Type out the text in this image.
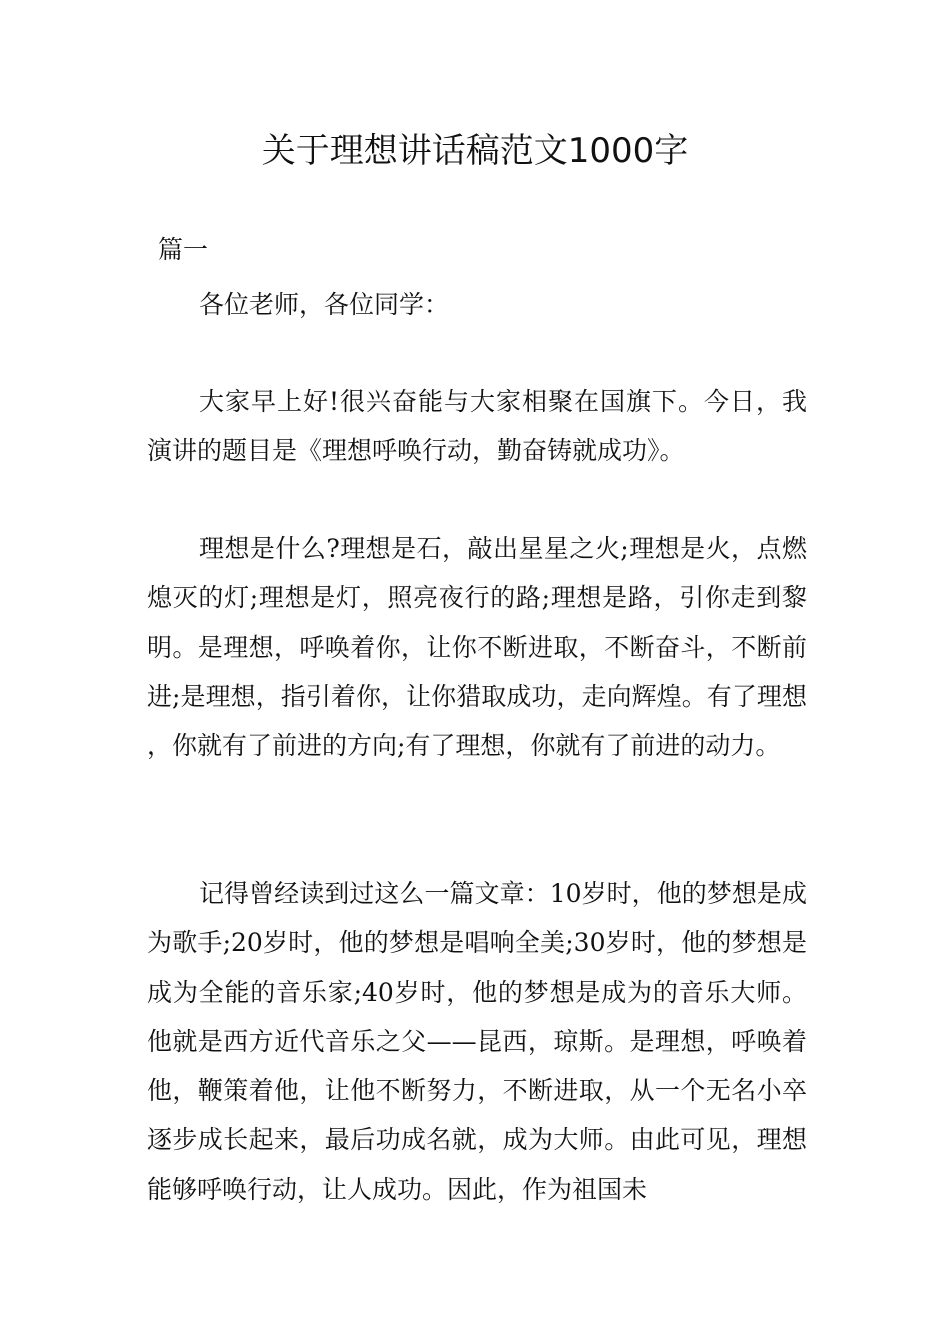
关于理想讲话稿范文1000字
篇一

各位老师，各位同学：

大家早上好!很兴奋能与大家相聚在国旗下。今日，我演讲的题目是《理想呼唤行动，勤奋铸就成功》。

理想是什么?理想是石，敲出星星之火;理想是火，点燃熄灭的灯;理想是灯，照亮夜行的路;理想是路，引你走到黎明。是理想，呼唤着你，让你不断进取，不断奋斗，不断前进;是理想，指引着你，让你猎取成功，走向辉煌。有了理想，你就有了前进的方向;有了理想，你就有了前进的动力。

记得曾经读到过这么一篇文章：10岁时，他的梦想是成为歌手;20岁时，他的梦想是唱响全美;30岁时，他的梦想是成为全能的音乐家;40岁时，他的梦想是成为的音乐大师。他就是西方近代音乐之父——昆西，琼斯。是理想，呼唤着他，鞭策着他，让他不断努力，不断进取，从一个无名小卒逐步成长起来，最后功成名就，成为大师。由此可见，理想能够呼唤行动，让人成功。因此，作为祖国未
